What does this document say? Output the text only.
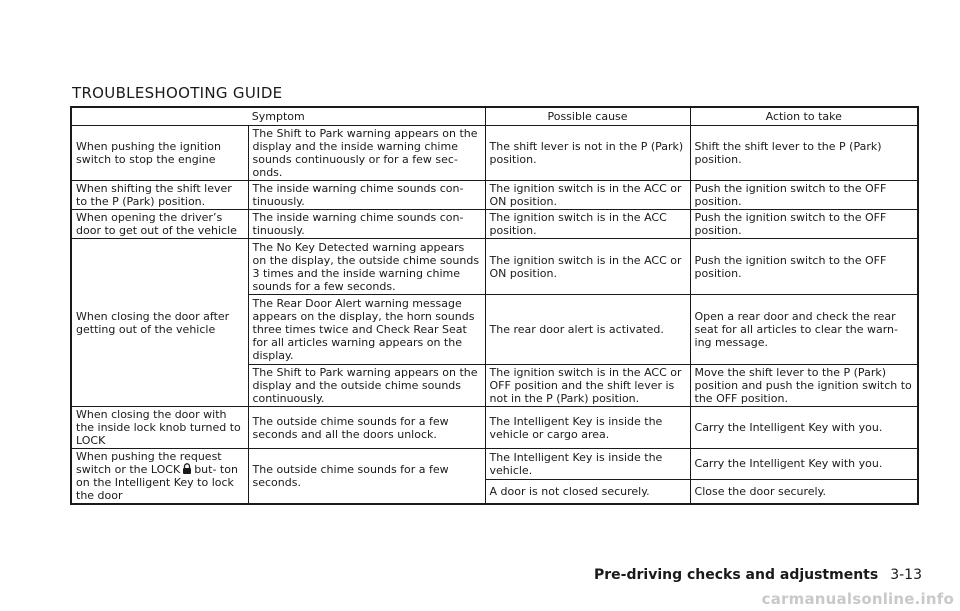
TROUBLESHOOTING GUIDE
Symptom		Possible cause	Action to take
When pushing the ignition switch to stop the engine	The Shift to Park warning appears on the display and the inside warning chime sounds continuously or for a few sec- onds.	The shift lever is not in the P (Park) position.	Shift the shift lever to the P (Park) position.
When shifting the shift lever to the P (Park) position.	The inside warning chime sounds con- tinuously.	The ignition switch is in the ACC or ON position.	Push the ignition switch to the OFF position.
When opening the driver’s door to get out of the vehicle	The inside warning chime sounds con- tinuously.	The ignition switch is in the ACC position.	Push the ignition switch to the OFF position.
When closing the door after getting out of the vehicle	The No Key Detected warning appears on the display, the outside chime sounds 3 times and the inside warning chime sounds for a few seconds.	The ignition switch is in the ACC or ON position.	Push the ignition switch to the OFF position.
	The Rear Door Alert warning message appears on the display, the horn sounds three times twice and Check Rear Seat for all articles warning appears on the display.	The rear door alert is activated.	Open a rear door and check the rear seat for all articles to clear the warn- ing message.
	The Shift to Park warning appears on the display and the outside chime sounds continuously.	The ignition switch is in the ACC or OFF position and the shift lever is not in the P (Park) position.	Move the shift lever to the P (Park) position and push the ignition switch to the OFF position.
When closing the door with the inside lock knob turned to LOCK	The outside chime sounds for a few seconds and all the doors unlock.	The Intelligent Key is inside the vehicle or cargo area.	Carry the Intelligent Key with you.
When pushing the request switch or the LOCK but- ton on the Intelligent Key to lock the door	The outside chime sounds for a few seconds.	The Intelligent Key is inside the vehicle.	Carry the Intelligent Key with you.
		A door is not closed securely.	Close the door securely.
Pre-driving checks and adjustments 3-13
carmanualsonline.info
